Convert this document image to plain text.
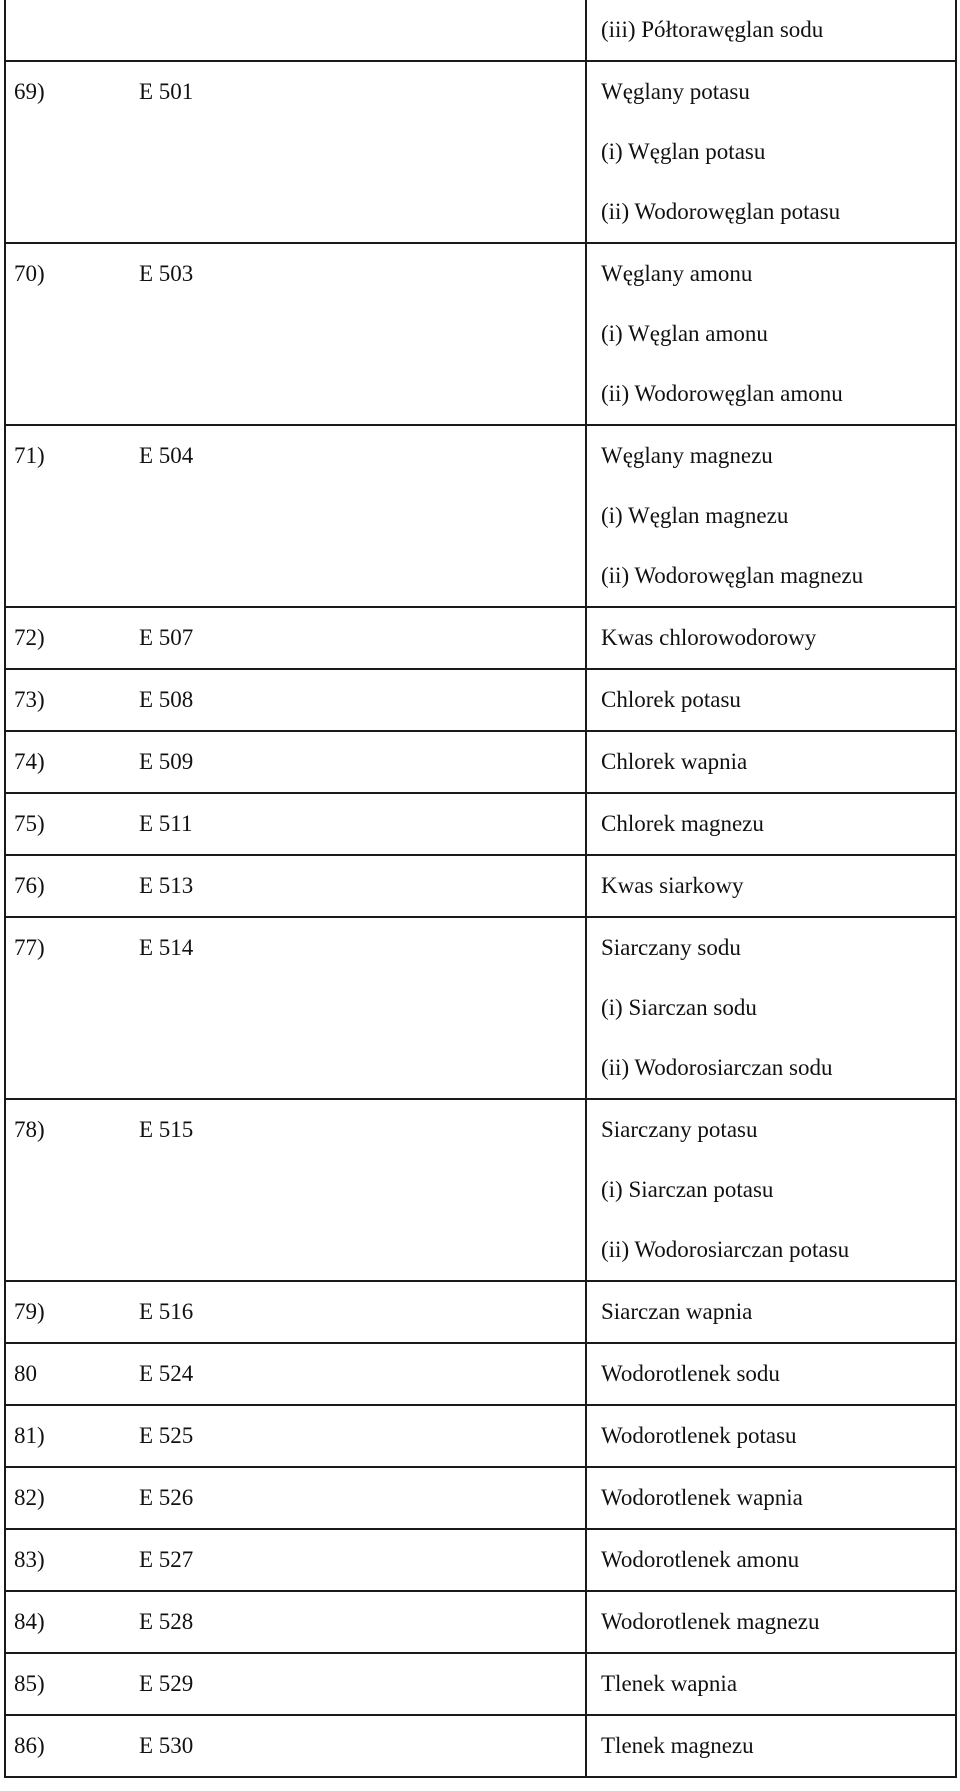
(iii) Półtorawęglan sodu
69)	E 501	Węglany potasu
(i) Węglan potasu
(ii) Wodorowęglan potasu
70)	E 503	Węglany amonu
(i) Węglan amonu
(ii) Wodorowęglan amonu
71)	E 504	Węglany magnezu
(i) Węglan magnezu
(ii) Wodorowęglan magnezu
72)	E 507	Kwas chlorowodorowy
73)	E 508	Chlorek potasu
74)	E 509	Chlorek wapnia
75)	E 511	Chlorek magnezu
76)	E 513	Kwas siarkowy
77)	E 514	Siarczany sodu
(i) Siarczan sodu
(ii) Wodorosiarczan sodu
78)	E 515	Siarczany potasu
(i) Siarczan potasu
(ii) Wodorosiarczan potasu
79)	E 516	Siarczan wapnia
80	E 524	Wodorotlenek sodu
81)	E 525	Wodorotlenek potasu
82)	E 526	Wodorotlenek wapnia
83)	E 527	Wodorotlenek amonu
84)	E 528	Wodorotlenek magnezu
85)	E 529	Tlenek wapnia
86)	E 530	Tlenek magnezu
